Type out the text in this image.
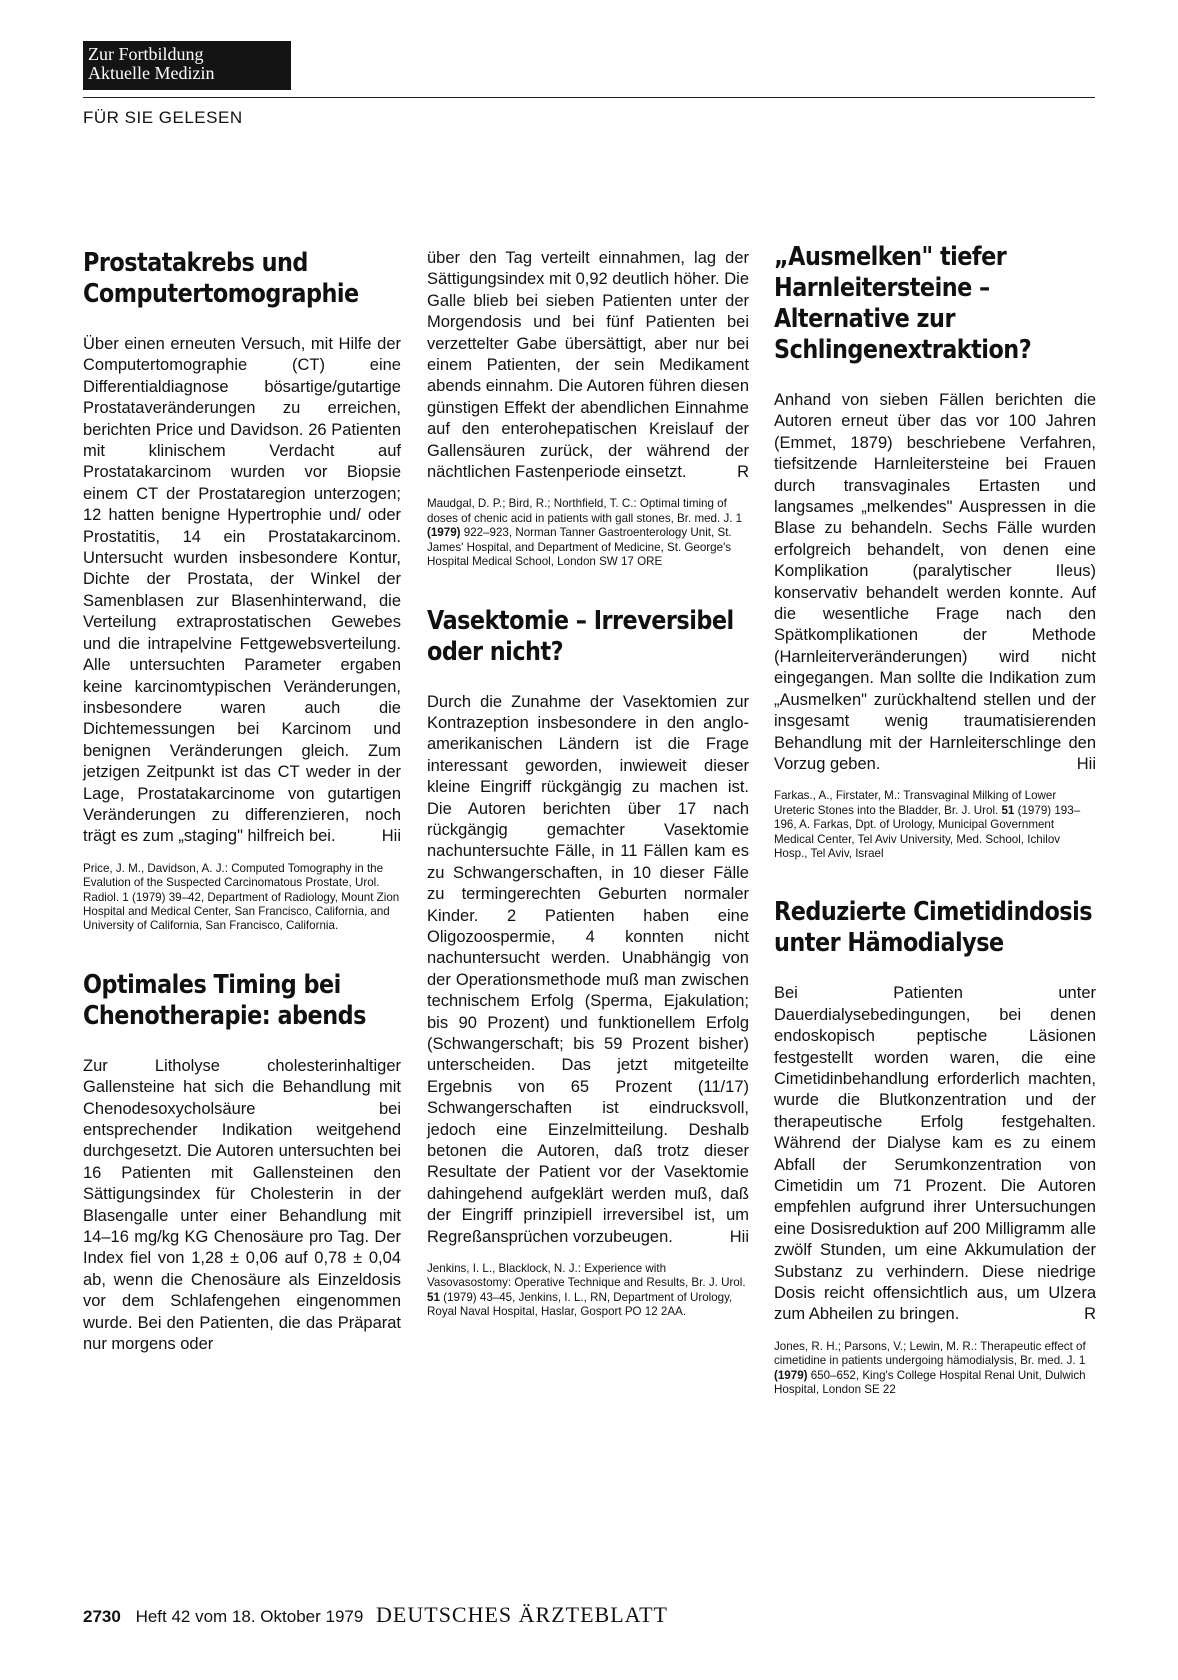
Zur Fortbildung
Aktuelle Medizin
FÜR SIE GELESEN
Prostatakrebs und Computertomographie

Über einen erneuten Versuch, mit Hilfe der Computertomographie (CT) eine Differentialdiagnose bösartige/gutartige Prostataveränderungen zu erreichen, berichten Price und Davidson. 26 Patienten mit klinischem Verdacht auf Prostatakarcinom wurden vor Biopsie einem CT der Prostataregion unterzogen; 12 hatten benigne Hypertrophie und/ oder Prostatitis, 14 ein Prostatakarcinom. Untersucht wurden insbesondere Kontur, Dichte der Prostata, der Winkel der Samenblasen zur Blasenhinterwand, die Verteilung extraprostatischen Gewebes und die intrapelvine Fettgewebsverteilung. Alle untersuchten Parameter ergaben keine karcinomtypischen Veränderungen, insbesondere waren auch die Dichtemessungen bei Karcinom und benignen Veränderungen gleich. Zum jetzigen Zeitpunkt ist das CT weder in der Lage, Prostatakarcinome von gutartigen Veränderungen zu differenzieren, noch trägt es zum „staging" hilfreich bei.	Hii

Price, J. M., Davidson, A. J.: Computed Tomography in the Evalution of the Suspected Carcinomatous Prostate, Urol. Radiol. 1 (1979) 39–42, Department of Radiology, Mount Zion Hospital and Medical Center, San Francisco, California, and University of California, San Francisco, California.

Optimales Timing bei Chenotherapie: abends

Zur Litholyse cholesterinhaltiger Gallensteine hat sich die Behandlung mit Chenodesoxycholsäure bei entsprechender Indikation weitgehend durchgesetzt. Die Autoren untersuchten bei 16 Patienten mit Gallensteinen den Sättigungsindex für Cholesterin in der Blasengalle unter einer Behandlung mit 14–16 mg/kg KG Chenosäure pro Tag. Der Index fiel von 1,28 ± 0,06 auf 0,78 ± 0,04 ab, wenn die Chenosäure als Einzeldosis vor dem Schlafengehen eingenommen wurde. Bei den Patienten, die das Präparat nur morgens oder

über den Tag verteilt einnahmen, lag der Sättigungsindex mit 0,92 deutlich höher. Die Galle blieb bei sieben Patienten unter der Morgendosis und bei fünf Patienten bei verzettelter Gabe übersättigt, aber nur bei einem Patienten, der sein Medikament abends einnahm. Die Autoren führen diesen günstigen Effekt der abendlichen Einnahme auf den enterohepatischen Kreislauf der Gallensäuren zurück, der während der nächtlichen Fastenperiode einsetzt.	R

Maudgal, D. P.; Bird, R.; Northfield, T. C.: Optimal timing of doses of chenic acid in patients with gall stones, Br. med. J. 1 (1979) 922–923, Norman Tanner Gastroenterology Unit, St. James' Hospital, and Department of Medicine, St. George's Hospital Medical School, London SW 17 ORE

Vasektomie – Irreversibel oder nicht?

Durch die Zunahme der Vasektomien zur Kontrazeption insbesondere in den anglo-amerikanischen Ländern ist die Frage interessant geworden, inwieweit dieser kleine Eingriff rückgängig zu machen ist. Die Autoren berichten über 17 nach rückgängig gemachter Vasektomie nachuntersuchte Fälle, in 11 Fällen kam es zu Schwangerschaften, in 10 dieser Fälle zu termingerechten Geburten normaler Kinder. 2 Patienten haben eine Oligozoospermie, 4 konnten nicht nachuntersucht werden. Unabhängig von der Operationsmethode muß man zwischen technischem Erfolg (Sperma, Ejakulation; bis 90 Prozent) und funktionellem Erfolg (Schwangerschaft; bis 59 Prozent bisher) unterscheiden. Das jetzt mitgeteilte Ergebnis von 65 Prozent (11/17) Schwangerschaften ist eindrucksvoll, jedoch eine Einzelmitteilung. Deshalb betonen die Autoren, daß trotz dieser Resultate der Patient vor der Vasektomie dahingehend aufgeklärt werden muß, daß der Eingriff prinzipiell irreversibel ist, um Regreßansprüchen vorzubeugen.	Hii

Jenkins, I. L., Blacklock, N. J.: Experience with Vasovasostomy: Operative Technique and Results, Br. J. Urol. 51 (1979) 43–45, Jenkins, I. L., RN, Department of Urology, Royal Naval Hospital, Haslar, Gosport PO 12 2AA.

„Ausmelken" tiefer Harnleitersteine – Alternative zur Schlingenextraktion?

Anhand von sieben Fällen berichten die Autoren erneut über das vor 100 Jahren (Emmet, 1879) beschriebene Verfahren, tiefsitzende Harnleitersteine bei Frauen durch transvaginales Ertasten und langsames „melkendes" Auspressen in die Blase zu behandeln. Sechs Fälle wurden erfolgreich behandelt, von denen eine Komplikation (paralytischer Ileus) konservativ behandelt werden konnte. Auf die wesentliche Frage nach den Spätkomplikationen der Methode (Harnleiterveränderungen) wird nicht eingegangen. Man sollte die Indikation zum „Ausmelken" zurückhaltend stellen und der insgesamt wenig traumatisierenden Behandlung mit der Harnleiterschlinge den Vorzug geben.	Hii

Farkas., A., Firstater, M.: Transvaginal Milking of Lower Ureteric Stones into the Bladder, Br. J. Urol. 51 (1979) 193–196, A. Farkas, Dpt. of Urology, Municipal Government Medical Center, Tel Aviv University, Med. School, Ichilov Hosp., Tel Aviv, Israel

Reduzierte Cimetidindosis unter Hämodialyse

Bei Patienten unter Dauerdialysebedingungen, bei denen endoskopisch peptische Läsionen festgestellt worden waren, die eine Cimetidinbehandlung erforderlich machten, wurde die Blutkonzentration und der therapeutische Erfolg festgehalten. Während der Dialyse kam es zu einem Abfall der Serumkonzentration von Cimetidin um 71 Prozent. Die Autoren empfehlen aufgrund ihrer Untersuchungen eine Dosisreduktion auf 200 Milligramm alle zwölf Stunden, um eine Akkumulation der Substanz zu verhindern. Diese niedrige Dosis reicht offensichtlich aus, um Ulzera zum Abheilen zu bringen.	R

Jones, R. H.; Parsons, V.; Lewin, M. R.: Therapeutic effect of cimetidine in patients undergoing hämodialysis, Br. med. J. 1 (1979) 650–652, King's College Hospital Renal Unit, Dulwich Hospital, London SE 22

2730 Heft 42 vom 18. Oktober 1979 DEUTSCHES ÄRZTEBLATT
